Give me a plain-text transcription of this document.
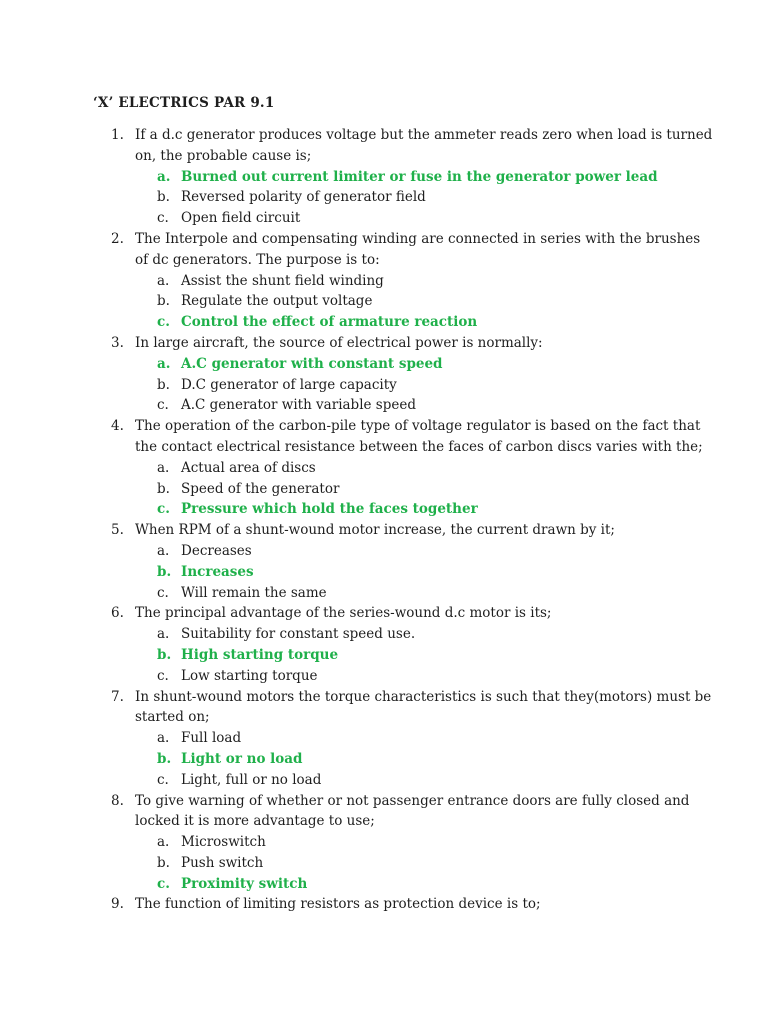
‘X’ ELECTRICS PAR 9.1
1. If a d.c generator produces voltage but the ammeter reads zero when load is turned
on, the probable cause is;
a. Burned out current limiter or fuse in the generator power lead
b. Reversed polarity of generator field
c. Open field circuit
2. The Interpole and compensating winding are connected in series with the brushes
of dc generators. The purpose is to:
a. Assist the shunt field winding
b. Regulate the output voltage
c. Control the effect of armature reaction
3. In large aircraft, the source of electrical power is normally:
a. A.C generator with constant speed
b. D.C generator of large capacity
c. A.C generator with variable speed
4. The operation of the carbon-pile type of voltage regulator is based on the fact that
the contact electrical resistance between the faces of carbon discs varies with the;
a. Actual area of discs
b. Speed of the generator
c. Pressure which hold the faces together
5. When RPM of a shunt-wound motor increase, the current drawn by it;
a. Decreases
b. Increases
c. Will remain the same
6. The principal advantage of the series-wound d.c motor is its;
a. Suitability for constant speed use.
b. High starting torque
c. Low starting torque
7. In shunt-wound motors the torque characteristics is such that they(motors) must be
started on;
a. Full load
b. Light or no load
c. Light, full or no load
8. To give warning of whether or not passenger entrance doors are fully closed and
locked it is more advantage to use;
a. Microswitch
b. Push switch
c. Proximity switch
9. The function of limiting resistors as protection device is to;
